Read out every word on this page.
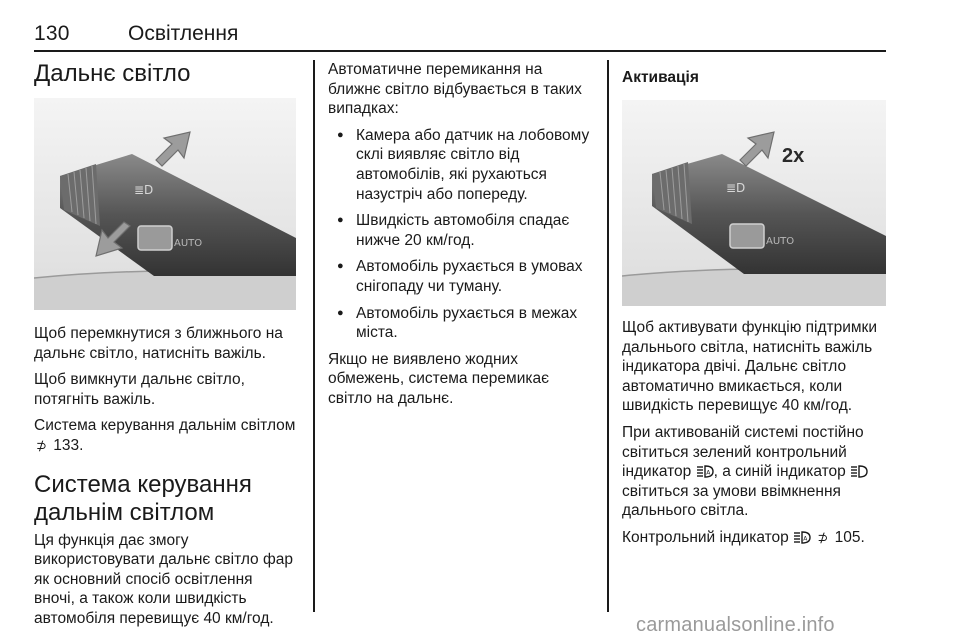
130	Освітлення
Дальнє світло
≣D
AUTO

Щоб перемкнутися з ближнього на дальнє світло, натисніть важіль.

Щоб вимкнути дальнє світло, потягніть важіль.

Система керування дальнім світлом ⊅ 133.

Система керування
дальнім світлом

Ця функція дає змогу використовувати дальнє світло фар як основний спосіб освітлення вночі, а також коли швидкість автомобіля перевищує 40 км/год.

Автоматичне перемикання на ближнє світло відбувається в таких випадках:

● Камера або датчик на лобовому склі виявляє світло від автомобілів, які рухаються назустріч або попереду.
● Швидкість автомобіля спадає нижче 20 км/год.
● Автомобіль рухається в умовах снігопаду чи туману.
● Автомобіль рухається в межах міста.

Якщо не виявлено жодних обмежень, система перемикає світло на дальнє.

Активація
≣D
AUTO
2x

Щоб активувати функцію підтримки дальнього світла, натисніть важіль індикатора двічі. Дальнє світло автоматично вмикається, коли швидкість перевищує 40 км/год.

При активованій системі постійно світиться зелений контрольний індикатор A , а синій індикатор  світиться за умови ввімкнення дальнього світла.

Контрольний індикатор A ⊅ 105.

carmanualsonline.info
